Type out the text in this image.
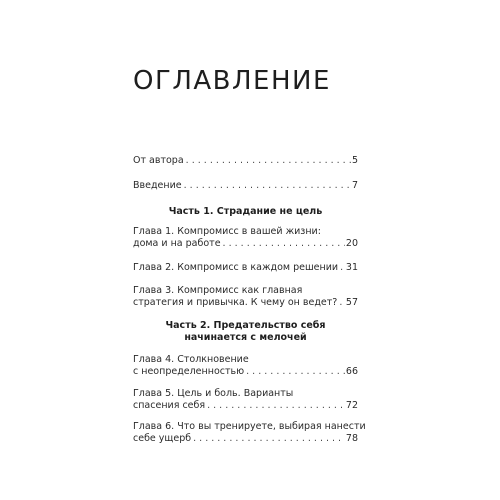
ОГЛАВЛЕНИЕ
От автора . . .	5
Введение . . .	7
Часть 1. Страдание не цель
Глава 1. Компромисс в вашей жизни:
дома и на работе . . .	20
Глава 2. Компромисс в каждом решении . . . 31
Глава 3. Компромисс как главная
стратегия и привычка. К чему он ведет? . . . 57
Часть 2. Предательство себя
начинается с мелочей
Глава 4. Столкновение
с неопределенностью . . .	66
Глава 5. Цель и боль. Варианты
спасения себя . . .	72
Глава 6. Что вы тренируете, выбирая нанести
себе ущерб . . .	78
